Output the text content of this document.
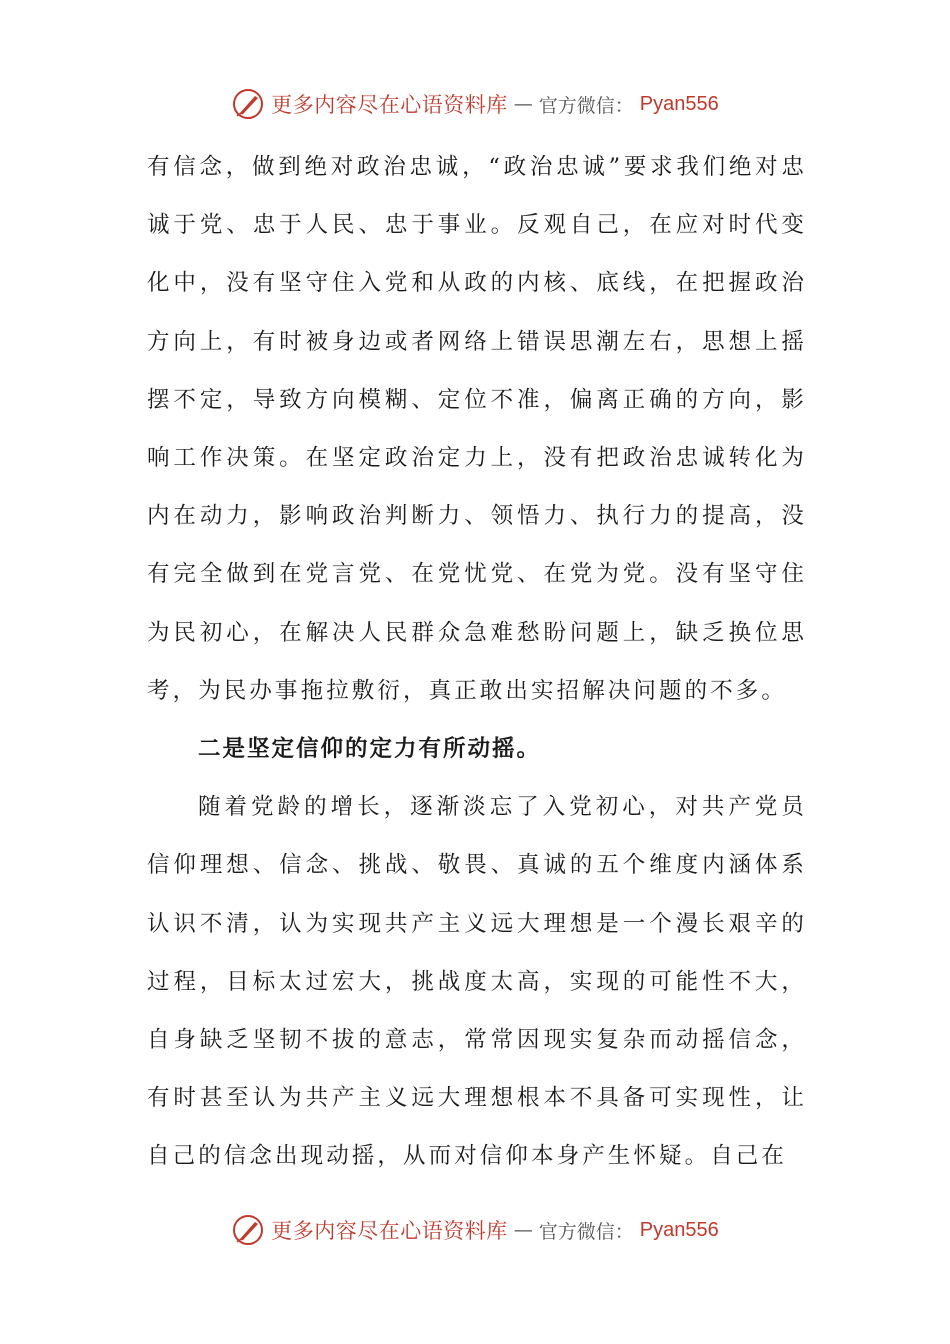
更多内容尽在心语资料库 — 官方微信： Pyan556

有信念，做到绝对政治忠诚，“政治忠诚”要求我们绝对忠诚于党、忠于人民、忠于事业。反观自己，在应对时代变化中，没有坚守住入党和从政的内核、底线，在把握政治方向上，有时被身边或者网络上错误思潮左右，思想上摇摆不定，导致方向模糊、定位不准，偏离正确的方向，影响工作决策。在坚定政治定力上，没有把政治忠诚转化为内在动力，影响政治判断力、领悟力、执行力的提高，没有完全做到在党言党、在党忧党、在党为党。没有坚守住为民初心，在解决人民群众急难愁盼问题上，缺乏换位思考，为民办事拖拉敷衍，真正敢出实招解决问题的不多。

二是坚定信仰的定力有所动摇。

随着党龄的增长，逐渐淡忘了入党初心，对共产党员信仰理想、信念、挑战、敬畏、真诚的五个维度内涵体系认识不清，认为实现共产主义远大理想是一个漫长艰辛的过程，目标太过宏大，挑战度太高，实现的可能性不大，自身缺乏坚韧不拔的意志，常常因现实复杂而动摇信念，有时甚至认为共产主义远大理想根本不具备可实现性，让自己的信念出现动摇，从而对信仰本身产生怀疑。自己在

更多内容尽在心语资料库 — 官方微信： Pyan556
